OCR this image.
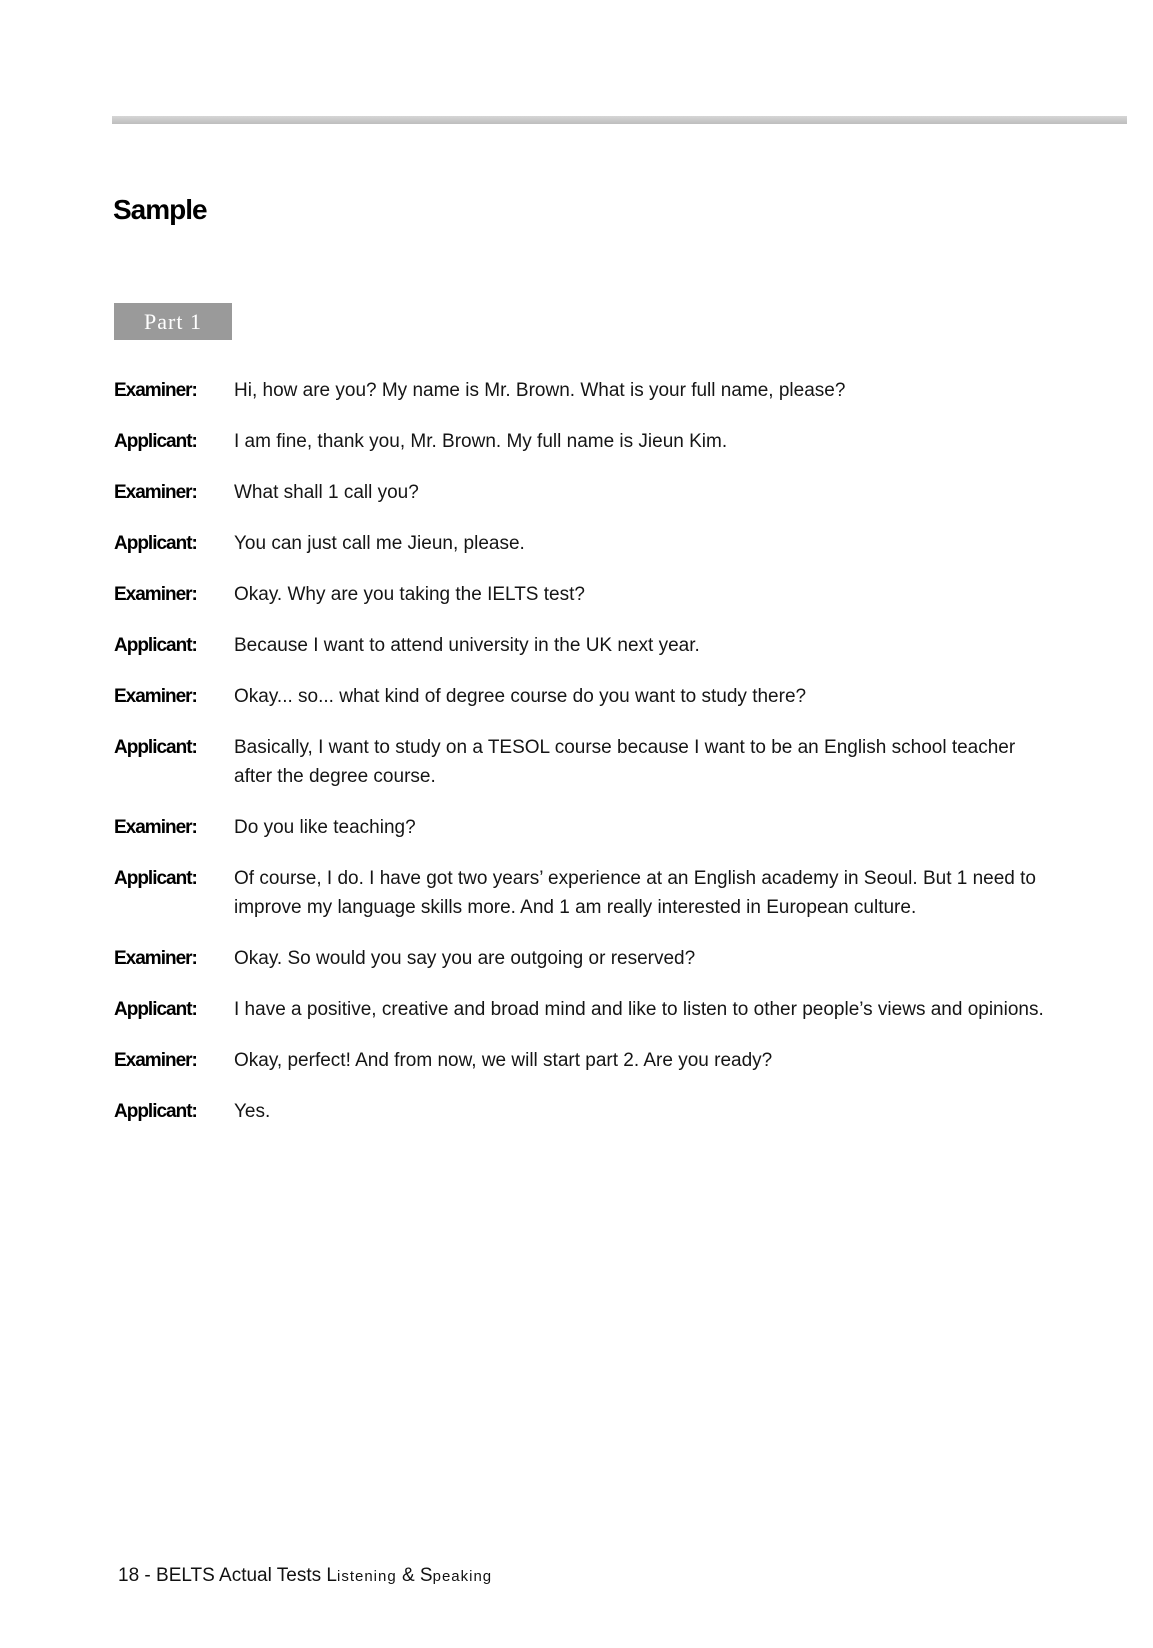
Sample
Part 1
Examiner:	Hi, how are you? My name is Mr. Brown. What is your full name, please?
Applicant:	I am fine, thank you, Mr. Brown. My full name is Jieun Kim.
Examiner:	What shall 1 call you?
Applicant:	You can just call me Jieun, please.
Examiner:	Okay. Why are you taking the IELTS test?
Applicant:	Because I want to attend university in the UK next year.
Examiner:	Okay... so... what kind of degree course do you want to study there?
Applicant:	Basically, I want to study on a TESOL course because I want to be an English school teacher after the degree course.
Examiner:	Do you like teaching?
Applicant:	Of course, I do. I have got two years’ experience at an English academy in Seoul. But 1 need to improve my language skills more. And 1 am really interested in European culture.
Examiner:	Okay. So would you say you are outgoing or reserved?
Applicant:	I have a positive, creative and broad mind and like to listen to other people’s views and opinions.
Examiner:	Okay, perfect! And from now, we will start part 2. Are you ready?
Applicant:	Yes.
18 - BELTS Actual Tests Listening & Speaking
